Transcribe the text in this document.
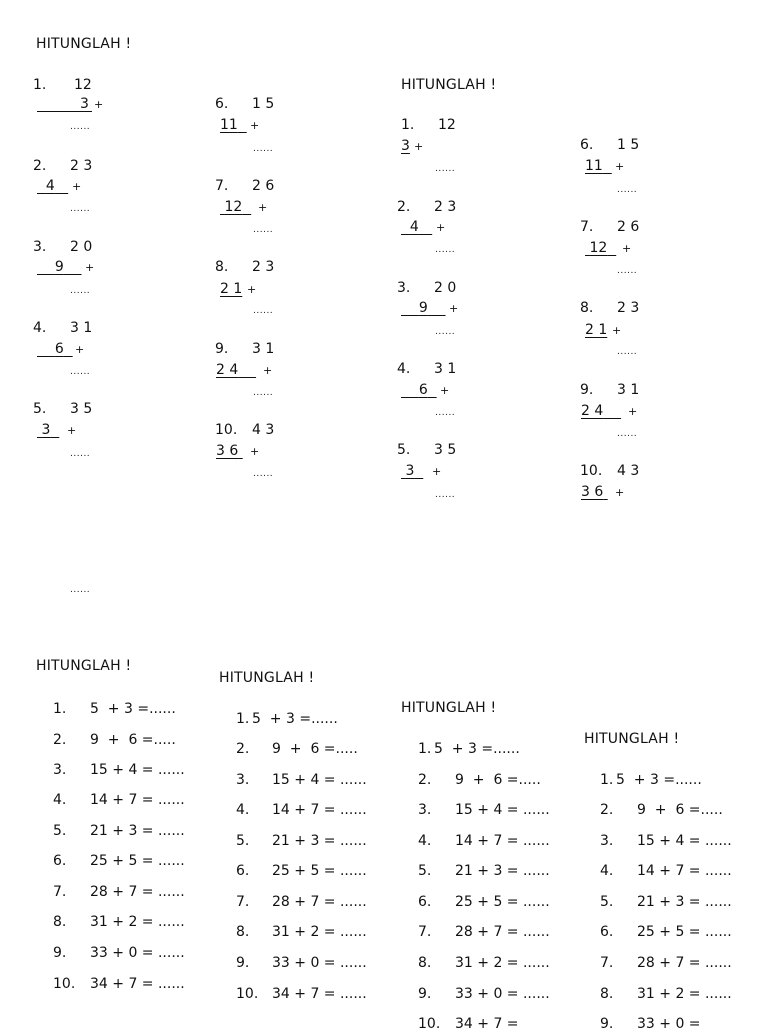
HITUNGLAH !
1. 12
3 +
......
2. 2 3
4	+
......
3. 2 0
9	+
......
4. 3 1
6	+
......
5. 3 5
3	+
......
6. 1 5
11	+
......
7. 2 6
12	+
......
8. 2 3
2 1 +
......
9. 3 1
2 4	+
......
10. 4 3
3 6	+
......
HITUNGLAH !
1. 12
3 +
......
2. 2 3
4	+
......
3. 2 0
9	+
......
4. 3 1
6	+
......
5. 3 5
3	+
......
6. 1 5
11	+
......
7. 2 6
12	+
......
8. 2 3
2 1 +
......
9. 3 1
2 4	+
......
10. 4 3
3 6	+
......
HITUNGLAH !
1. 5  + 3 =......
2. 9  +  6 =.....
3. 15 + 4 = ......
4. 14 + 7 = ......
5. 21 + 3 = ......
6. 25 + 5 = ......
7. 28 + 7 = ......
8. 31 + 2 = ......
9. 33 + 0 = ......
10. 34 + 7 = ......
HITUNGLAH !
1. 5  + 3 =......
2. 9  +  6 =.....
3. 15 + 4 = ......
4. 14 + 7 = ......
5. 21 + 3 = ......
6. 25 + 5 = ......
7. 28 + 7 = ......
8. 31 + 2 = ......
9. 33 + 0 = ......
10. 34 + 7 = ......
HITUNGLAH !
1. 5  + 3 =......
2. 9  +  6 =.....
3. 15 + 4 = ......
4. 14 + 7 = ......
5. 21 + 3 = ......
6. 25 + 5 = ......
7. 28 + 7 = ......
8. 31 + 2 = ......
9. 33 + 0 = ......
10. 34 + 7 =
HITUNGLAH !
1. 5  + 3 =......
2. 9  +  6 =.....
3. 15 + 4 = ......
4. 14 + 7 = ......
5. 21 + 3 = ......
6. 25 + 5 = ......
7. 28 + 7 = ......
8. 31 + 2 = ......
9. 33 + 0 =
